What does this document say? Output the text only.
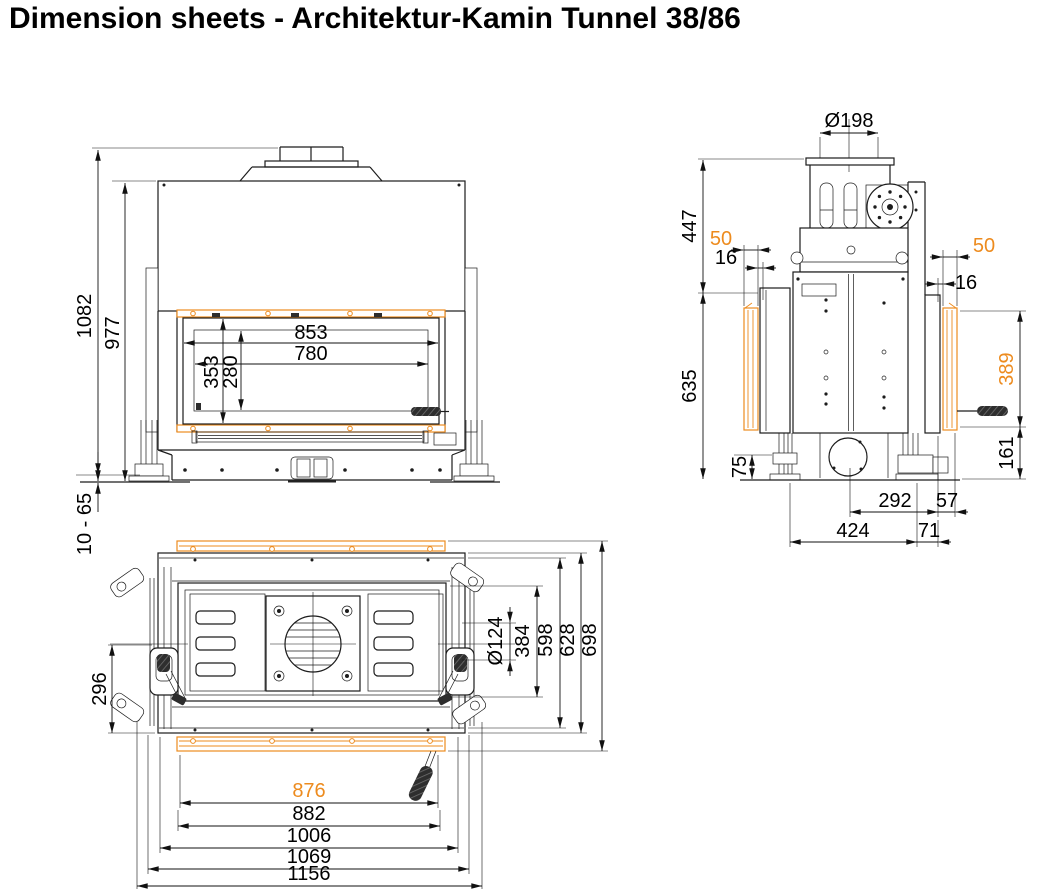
Dimension sheets - Architektur-Kamin Tunnel 38/86
1082 977	853
780
353
280
10 - 65
Ø198
447
635
50
16
50
16
389
161
75
292 57
424 71
296
Ø124 384 598 628 698
876
882
1006
1069
1156
